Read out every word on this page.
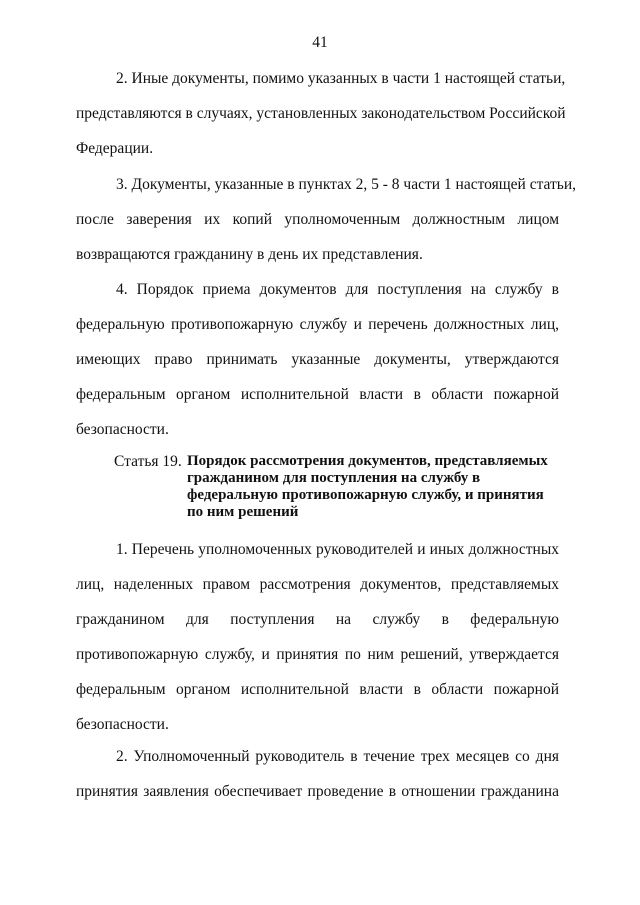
41
2. Иные документы, помимо указанных в части 1 настоящей статьи,
представляются в случаях, установленных законодательством Российской
Федерации.
3. Документы, указанные в пунктах 2, 5 - 8 части 1 настоящей статьи,
после заверения их копий уполномоченным должностным лицом
возвращаются гражданину в день их представления.
4. Порядок приема документов для поступления на службу в
федеральную противопожарную службу и перечень должностных лиц,
имеющих право принимать указанные документы, утверждаются
федеральным органом исполнительной власти в области пожарной
безопасности.
Статья 19. Порядок рассмотрения документов, представляемых
гражданином для поступления на службу в
федеральную противопожарную службу, и принятия
по ним решений
1. Перечень уполномоченных руководителей и иных должностных
лиц, наделенных правом рассмотрения документов, представляемых
гражданином для поступления на службу в федеральную
противопожарную службу, и принятия по ним решений, утверждается
федеральным органом исполнительной власти в области пожарной
безопасности.
2. Уполномоченный руководитель в течение трех месяцев со дня
принятия заявления обеспечивает проведение в отношении гражданина
